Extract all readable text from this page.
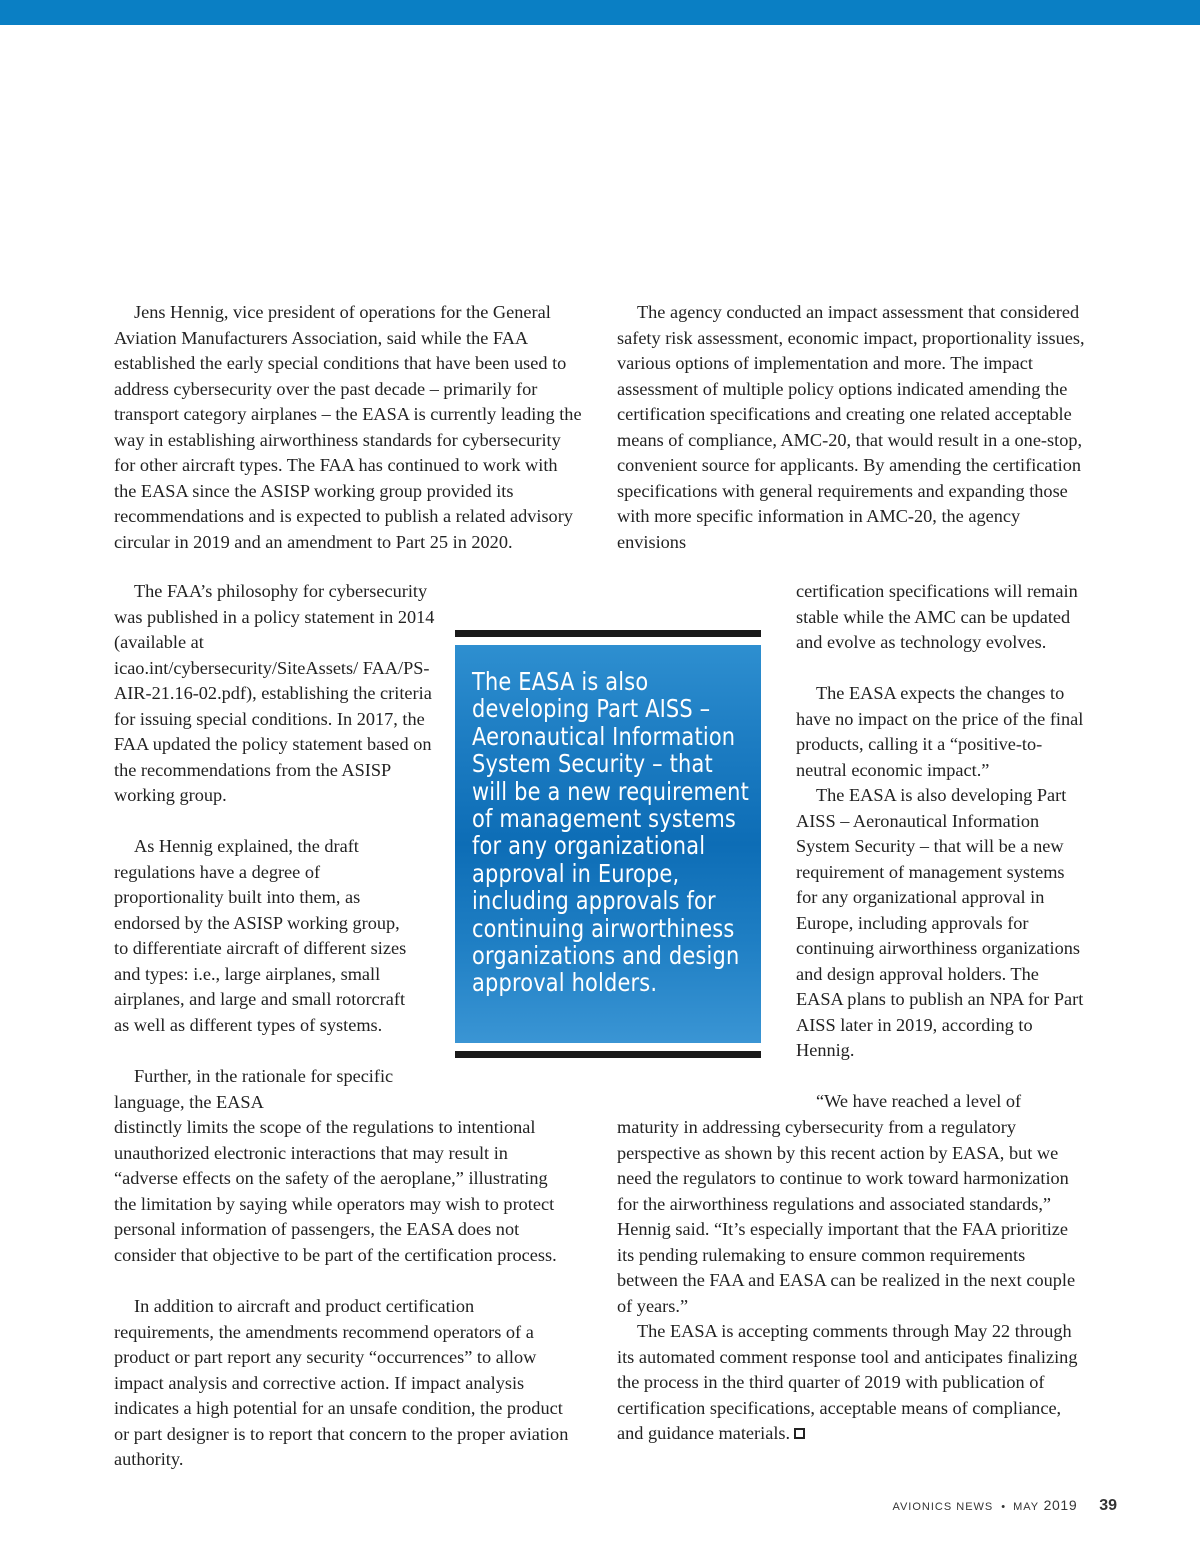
Jens Hennig, vice president of operations for the General Aviation Manufacturers Association, said while the FAA established the early special conditions that have been used to address cybersecurity over the past decade – primarily for transport category airplanes – the EASA is currently leading the way in establishing airworthiness standards for cybersecurity for other aircraft types. The FAA has continued to work with the EASA since the ASISP working group provided its recommendations and is expected to publish a related advisory circular in 2019 and an amendment to Part 25 in 2020.

The FAA’s philosophy for cybersecurity was published in a policy statement in 2014 (available at icao.int/cybersecurity/SiteAssets/ FAA/PS-AIR-21.16-02.pdf), establishing the criteria for issuing special conditions. In 2017, the FAA updated the policy statement based on the recommendations from the ASISP working group.

As Hennig explained, the draft regulations have a degree of proportionality built into them, as endorsed by the ASISP working group, to differentiate aircraft of different sizes and types: i.e., large airplanes, small airplanes, and large and small rotorcraft as well as different types of systems.

Further, in the rationale for specific language, the EASA

distinctly limits the scope of the regulations to intentional unauthorized electronic interactions that may result in “adverse effects on the safety of the aeroplane,” illustrating the limitation by saying while operators may wish to protect personal information of passengers, the EASA does not consider that objective to be part of the certification process.

In addition to aircraft and product certification requirements, the amendments recommend operators of a product or part report any security “occurrences” to allow impact analysis and corrective action. If impact analysis indicates a high potential for an unsafe condition, the product or part designer is to report that concern to the proper aviation authority.

The agency conducted an impact assessment that considered safety risk assessment, economic impact, proportionality issues, various options of implementation and more. The impact assessment of multiple policy options indicated amending the certification specifications and creating one related acceptable means of compliance, AMC-20, that would result in a one-stop, convenient source for applicants. By amending the certification specifications with general requirements and expanding those with more specific information in AMC-20, the agency envisions

certification specifications will remain stable while the AMC can be updated and evolve as technology evolves.

The EASA expects the changes to have no impact on the price of the final products, calling it a “positive-to-neutral economic impact.”

The EASA is also developing Part AISS – Aeronautical Information System Security – that will be a new requirement of management systems for any organizational approval in Europe, including approvals for continuing airworthiness organizations and design approval holders. The EASA plans to publish an NPA for Part AISS later in 2019, according to Hennig.

“We have reached a level of

maturity in addressing cybersecurity from a regulatory perspective as shown by this recent action by EASA, but we need the regulators to continue to work toward harmonization for the airworthiness regulations and associated standards,” Hennig said. “It’s especially important that the FAA prioritize its pending rulemaking to ensure common requirements between the FAA and EASA can be realized in the next couple of years.”

The EASA is accepting comments through May 22 through its automated comment response tool and anticipates finalizing the process in the third quarter of 2019 with publication of certification specifications, acceptable means of compliance, and guidance materials.

The EASA is also developing Part AISS – Aeronautical Information System Security – that will be a new requirement of management systems for any organizational approval in Europe, including approvals for continuing airworthiness organizations and design approval holders.

AVIONICS NEWS • MAY 2019 39
